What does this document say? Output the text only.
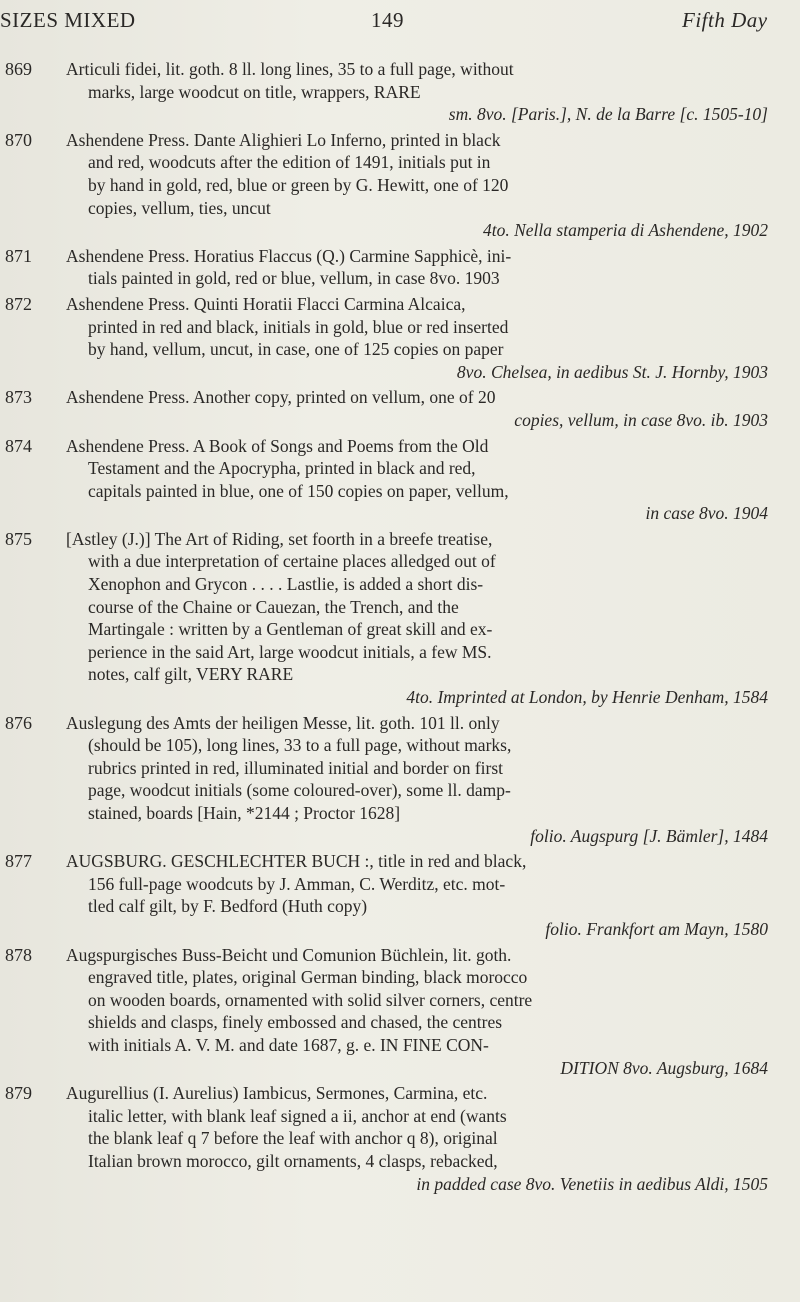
SIZES MIXED	149	Fifth Day
869	Articuli fidei, lit. goth. 8 ll. long lines, 35 to a full page, without
marks, large woodcut on title, wrappers, RARE
sm. 8vo. [Paris.], N. de la Barre [c. 1505-10]
870	Ashendene Press. Dante Alighieri Lo Inferno, printed in black
and red, woodcuts after the edition of 1491, initials put in
by hand in gold, red, blue or green by G. Hewitt, one of 120
copies, vellum, ties, uncut
4to. Nella stamperia di Ashendene, 1902
871	Ashendene Press. Horatius Flaccus (Q.) Carmine Sapphicè, ini-
tials painted in gold, red or blue, vellum, in case 8vo. 1903
872	Ashendene Press. Quinti Horatii Flacci Carmina Alcaica,
printed in red and black, initials in gold, blue or red inserted
by hand, vellum, uncut, in case, one of 125 copies on paper
8vo. Chelsea, in aedibus St. J. Hornby, 1903
873	Ashendene Press. Another copy, printed on vellum, one of 20
copies, vellum, in case 8vo. ib. 1903
874	Ashendene Press. A Book of Songs and Poems from the Old
Testament and the Apocrypha, printed in black and red,
capitals painted in blue, one of 150 copies on paper, vellum,
in case 8vo. 1904
875	[Astley (J.)] The Art of Riding, set foorth in a breefe treatise,
with a due interpretation of certaine places alledged out of
Xenophon and Grycon . . . . Lastlie, is added a short dis-
course of the Chaine or Cauezan, the Trench, and the
Martingale : written by a Gentleman of great skill and ex-
perience in the said Art, large woodcut initials, a few MS.
notes, calf gilt, VERY RARE
4to. Imprinted at London, by Henrie Denham, 1584
876	Auslegung des Amts der heiligen Messe, lit. goth. 101 ll. only
(should be 105), long lines, 33 to a full page, without marks,
rubrics printed in red, illuminated initial and border on first
page, woodcut initials (some coloured-over), some ll. damp-
stained, boards [Hain, *2144 ; Proctor 1628]
folio. Augspurg [J. Bämler], 1484
877	AUGSBURG. GESCHLECHTER BUCH :, title in red and black,
156 full-page woodcuts by J. Amman, C. Werditz, etc. mot-
tled calf gilt, by F. Bedford (Huth copy)
folio. Frankfort am Mayn, 1580
878	Augspurgisches Buss-Beicht und Comunion Büchlein, lit. goth.
engraved title, plates, original German binding, black morocco
on wooden boards, ornamented with solid silver corners, centre
shields and clasps, finely embossed and chased, the centres
with initials A. V. M. and date 1687, g. e. IN FINE CON-
DITION 8vo. Augsburg, 1684
879	Augurellius (I. Aurelius) Iambicus, Sermones, Carmina, etc.
italic letter, with blank leaf signed a ii, anchor at end (wants
the blank leaf q 7 before the leaf with anchor q 8), original
Italian brown morocco, gilt ornaments, 4 clasps, rebacked,
in padded case 8vo. Venetiis in aedibus Aldi, 1505
